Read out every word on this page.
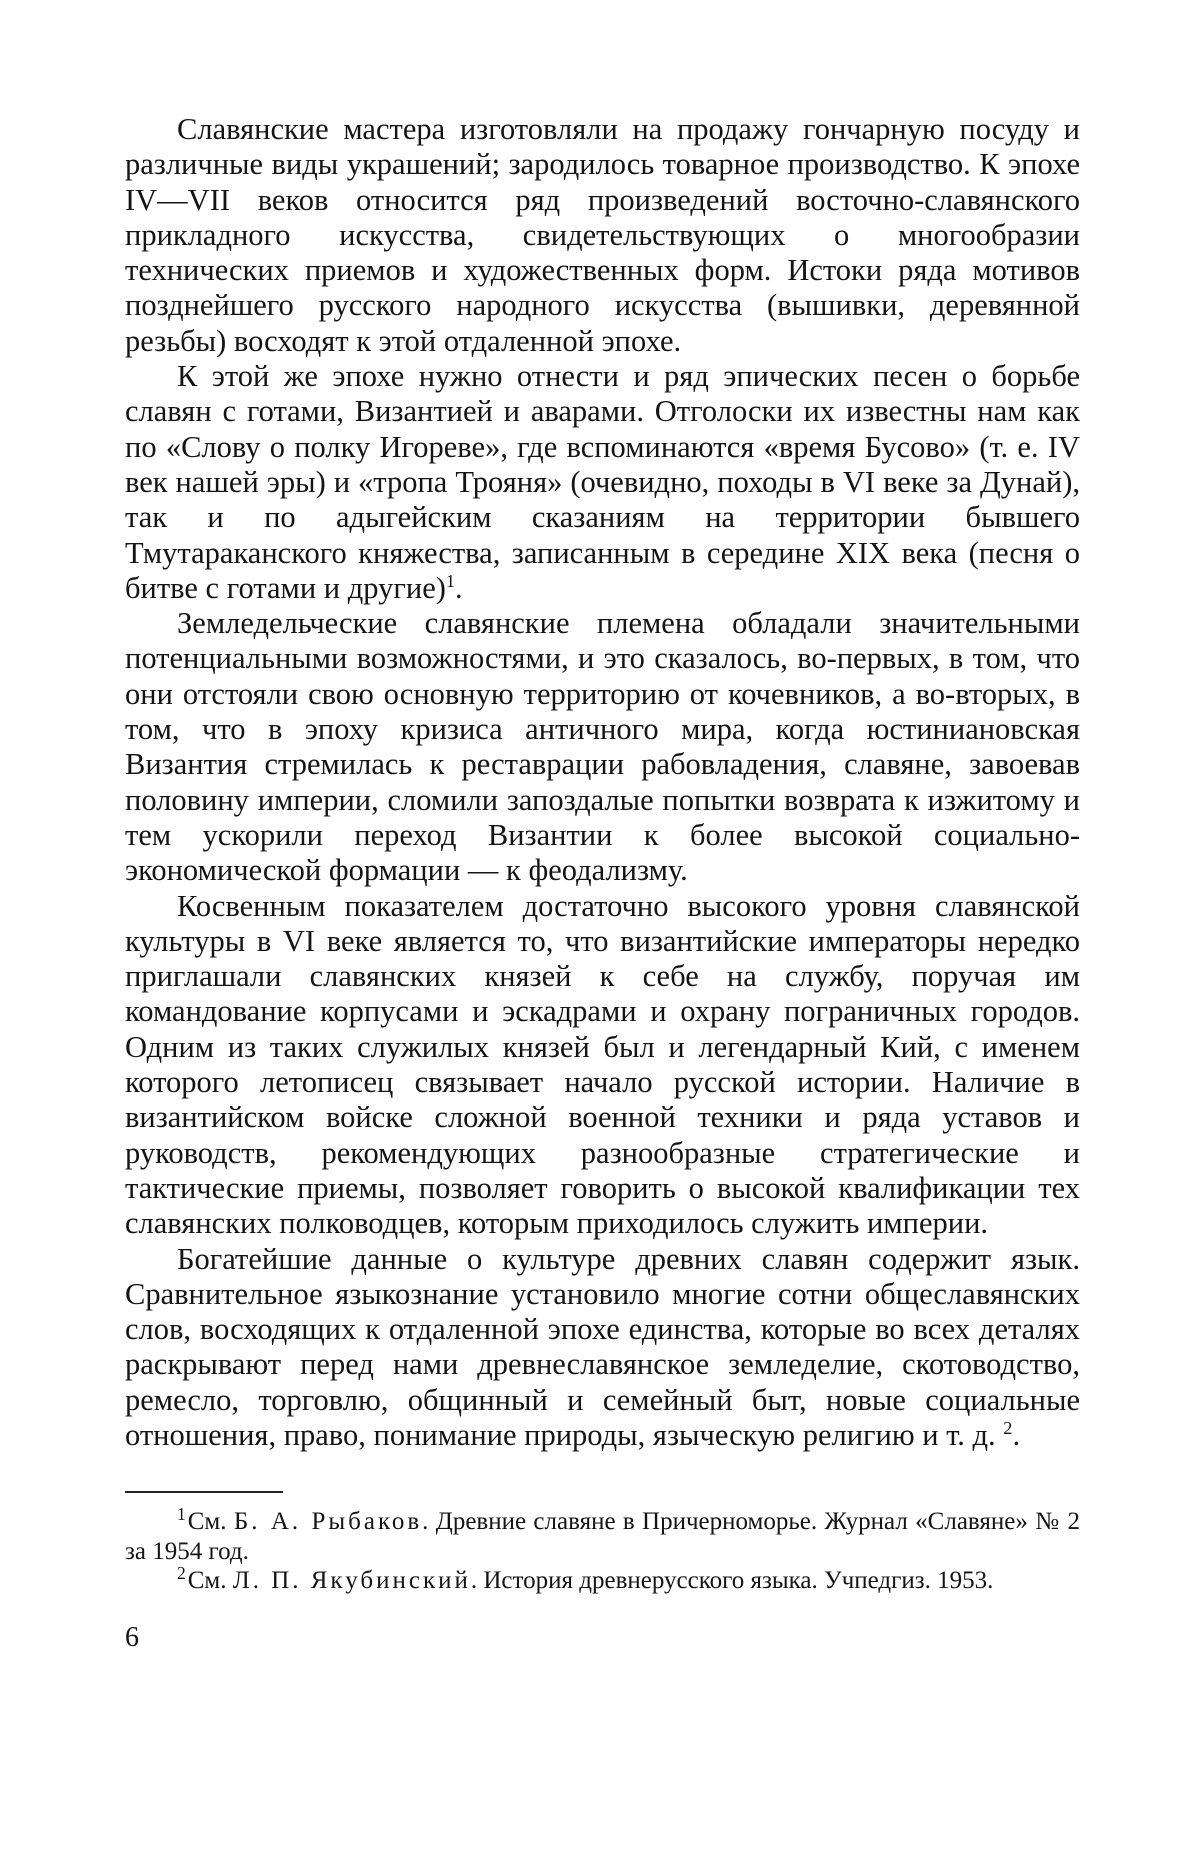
Славянские мастера изготовляли на продажу гончарную посуду и различные виды украшений; зародилось товарное производство. К эпохе IV—VII веков относится ряд произведений восточно-славянского прикладного искусства, свидетельствующих о многообразии технических приемов и художественных форм. Истоки ряда мотивов позднейшего русского народного искусства (вышивки, деревянной резьбы) восходят к этой отдаленной эпохе.

К этой же эпохе нужно отнести и ряд эпических песен о борьбе славян с готами, Византией и аварами. Отголоски их известны нам как по «Слову о полку Игореве», где вспоминаются «время Бусово» (т. е. IV век нашей эры) и «тропа Трояня» (очевидно, походы в VI веке за Дунай), так и по адыгейским сказаниям на территории бывшего Тмутараканского княжества, записанным в середине XIX века (песня о битве с готами и другие)$^1$.

Земледельческие славянские племена обладали значительными потенциальными возможностями, и это сказалось, во-первых, в том, что они отстояли свою основную территорию от кочевников, а во-вторых, в том, что в эпоху кризиса античного мира, когда юстиниановская Византия стремилась к реставрации рабовладения, славяне, завоевав половину империи, сломили запоздалые попытки возврата к изжитому и тем ускорили переход Византии к более высокой социально-экономической формации — к феодализму.

Косвенным показателем достаточно высокого уровня славянской культуры в VI веке является то, что византийские императоры нередко приглашали славянских князей к себе на службу, поручая им командование корпусами и эскадрами и охрану пограничных городов. Одним из таких служилых князей был и легендарный Кий, с именем которого летописец связывает начало русской истории. Наличие в византийском войске сложной военной техники и ряда уставов и руководств, рекомендующих разнообразные стратегические и тактические приемы, позволяет говорить о высокой квалификации тех славянских полководцев, которым приходилось служить империи.

Богатейшие данные о культуре древних славян содержит язык. Сравнительное языкознание установило многие сотни общеславянских слов, восходящих к отдаленной эпохе единства, которые во всех деталях раскрывают перед нами древнеславянское земледелие, скотоводство, ремесло, торговлю, общинный и семейный быт, новые социальные отношения, право, понимание природы, языческую религию и т. д. $^2$.

$^1$См. Б. А. Рыбаков. Древние славяне в Причерноморье. Журнал «Славяне» № 2 за 1954 год.

$^2$См. Л. П. Якубинский. История древнерусского языка. Учпедгиз. 1953.

6
